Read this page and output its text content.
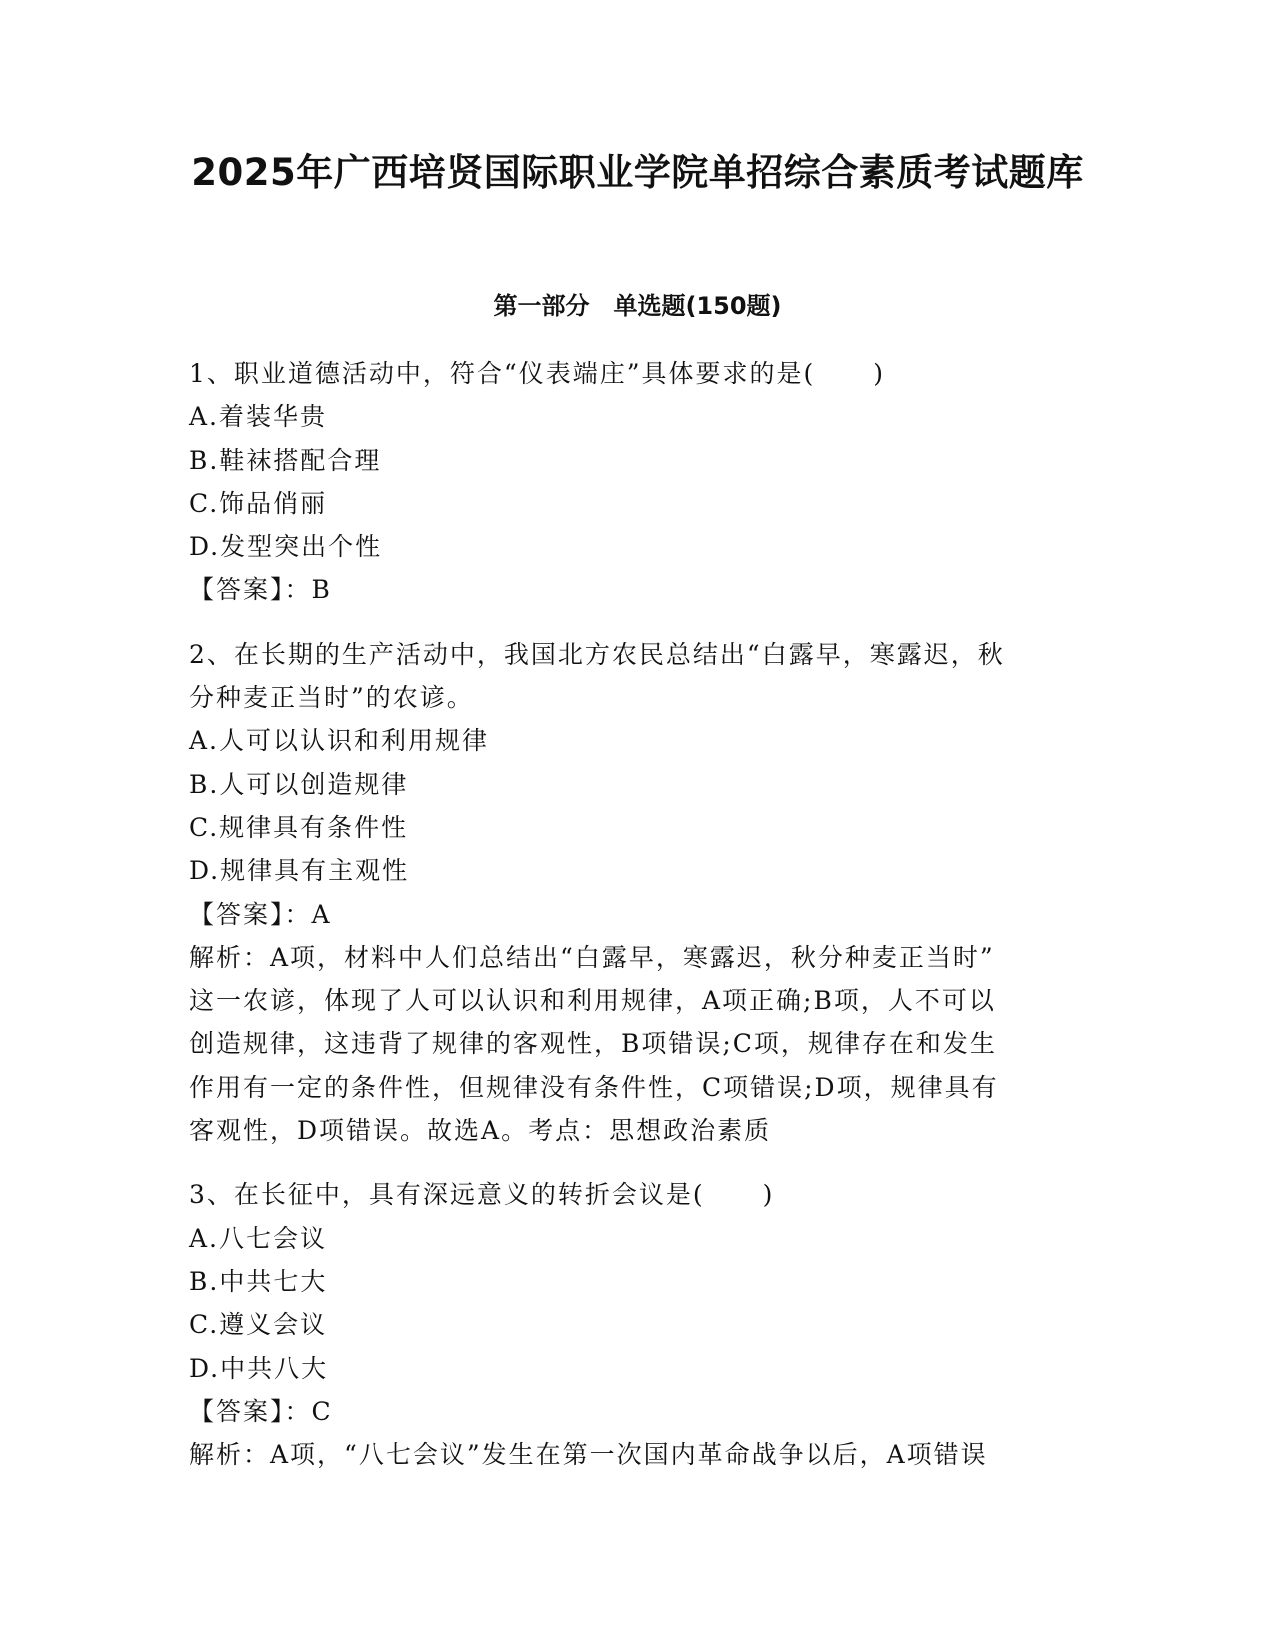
2025年广西培贤国际职业学院单招综合素质考试题库
第一部分　单选题(150题)
1、职业道德活动中，符合“仪表端庄”具体要求的是( )
A.着装华贵
B.鞋袜搭配合理
C.饰品俏丽
D.发型突出个性
【答案】：B
2、在长期的生产活动中，我国北方农民总结出“白露早，寒露迟，秋
分种麦正当时”的农谚。
A.人可以认识和利用规律
B.人可以创造规律
C.规律具有条件性
D.规律具有主观性
【答案】：A
解析：A项，材料中人们总结出“白露早，寒露迟，秋分种麦正当时”
这一农谚，体现了人可以认识和利用规律，A项正确;B项，人不可以
创造规律，这违背了规律的客观性，B项错误;C项，规律存在和发生
作用有一定的条件性，但规律没有条件性，C项错误;D项，规律具有
客观性，D项错误。故选A。考点：思想政治素质
3、在长征中，具有深远意义的转折会议是( )
A.八七会议
B.中共七大
C.遵义会议
D.中共八大
【答案】：C
解析：A项，“八七会议”发生在第一次国内革命战争以后，A项错误
